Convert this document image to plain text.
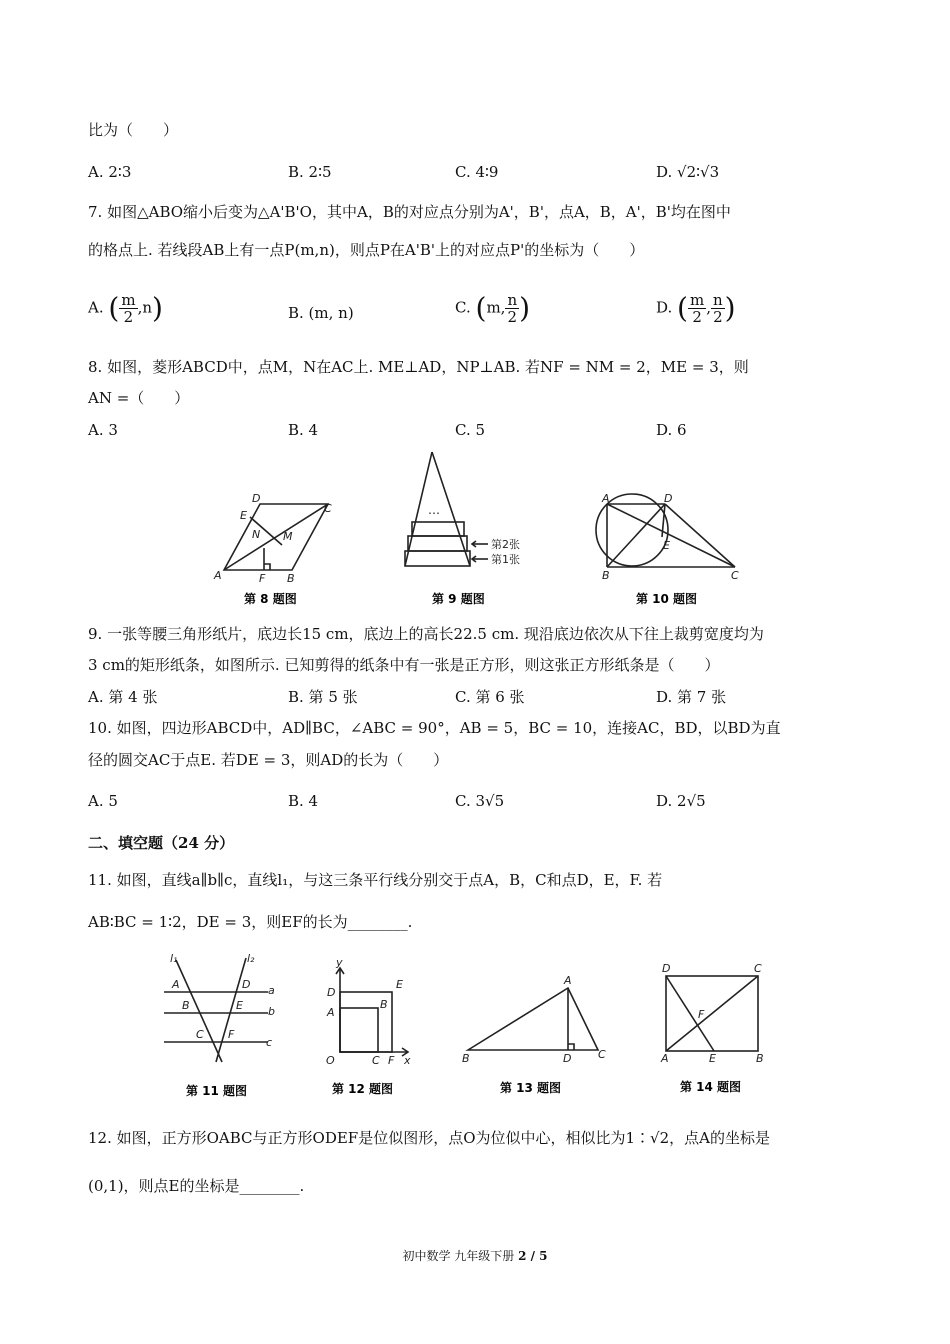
比为（　　）
A. 2∶3	B. 2∶5	C. 4∶9	D. √2∶√3
7. 如图△ABO缩小后变为△A'B'O，其中A，B的对应点分别为A'，B'，点A，B，A'，B'均在图中
的格点上. 若线段AB上有一点P(m,n)，则点P在A'B'上的对应点P'的坐标为（　　）
A. ( $\frac{m}{2} ,n$)	B. (m, n)	C. (m, $\frac{n}{2}$ )	D. ( $\frac{m}{2}$ , $\frac{n}{2}$ )
8. 如图，菱形ABCD中，点M，N在AC上. ME⊥AD，NP⊥AB. 若NF = NM = 2，ME = 3，则
AN =（　　）
A. 3	B. 4	C. 5	D. 6
D
C
E
N M
A	F B
A	D
E
B	C
…
第2张
第1张
第 8 题图	第 9 题图	第 10 题图
9. 一张等腰三角形纸片，底边长15 cm，底边上的高长22.5 cm. 现沿底边依次从下往上裁剪宽度均为
3 cm的矩形纸条，如图所示. 已知剪得的纸条中有一张是正方形，则这张正方形纸条是（　　）
A. 第 4 张	B. 第 5 张	C. 第 6 张	D. 第 7 张
10. 如图，四边形ABCD中，AD∥BC，∠ABC = 90°，AB = 5，BC = 10，连接AC，BD，以BD为直
径的圆交AC于点E. 若DE = 3，则AD的长为（　　）
A. 5	B. 4	C. 3√5	D. 2√5
二、填空题（24 分）
11. 如图，直线a∥b∥c，直线l₁，与这三条平行线分别交于点A，B，C和点D，E，F. 若
AB∶BC = 1∶2，DE = 3，则EF的长为________.
l₁	l₂
A	D a
B	E b
C F
c
y
D
E
B
A
O	C F x
A
B	D C
D	C
F
A	E	B
第 11 题图	第 12 题图	第 13 题图	第 14 题图
12. 如图，正方形OABC与正方形ODEF是位似图形，点O为位似中心，相似比为1∶√2，点A的坐标是
(0,1)，则点E的坐标是________.
初中数学 九年级下册 2 / 5
